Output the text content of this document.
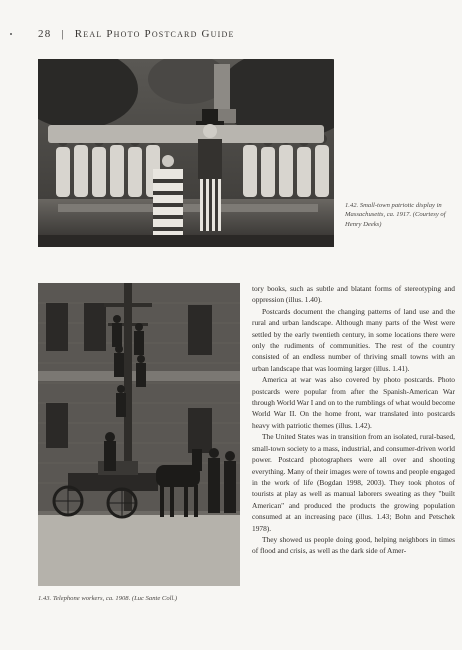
28 | Real Photo Postcard Guide
1.42. Small-town patriotic display in Massachusetts, ca. 1917. (Courtesy of Henry Deeks)
1.43. Telephone workers, ca. 1908. (Luc Sante Coll.)

tory books, such as subtle and blatant forms of stereotyping and oppression (illus. 1.40).

Postcards document the changing patterns of land use and the rural and urban landscape. Although many parts of the West were settled by the early twentieth century, in some locations there were only the rudiments of communities. The rest of the country consisted of an endless number of thriving small towns with an urban landscape that was looming larger (illus. 1.41).

America at war was also covered by photo postcards. Photo postcards were popular from after the Spanish-American War through World War I and on to the rumblings of what would become World War II. On the home front, war translated into postcards heavy with patriotic themes (illus. 1.42).

The United States was in transition from an isolated, rural-based, small-town society to a mass, industrial, and consumer-driven world power. Postcard photographers were all over and shooting everything. Many of their images were of towns and people engaged in the work of life (Bogdan 1998, 2003). They took photos of tourists at play as well as manual laborers sweating as they "built American" and produced the products the growing population consumed at an increasing pace (illus. 1.43; Bohn and Petschek 1978).

They showed us people doing good, helping neighbors in times of flood and crisis, as well as the dark side of Amer-
